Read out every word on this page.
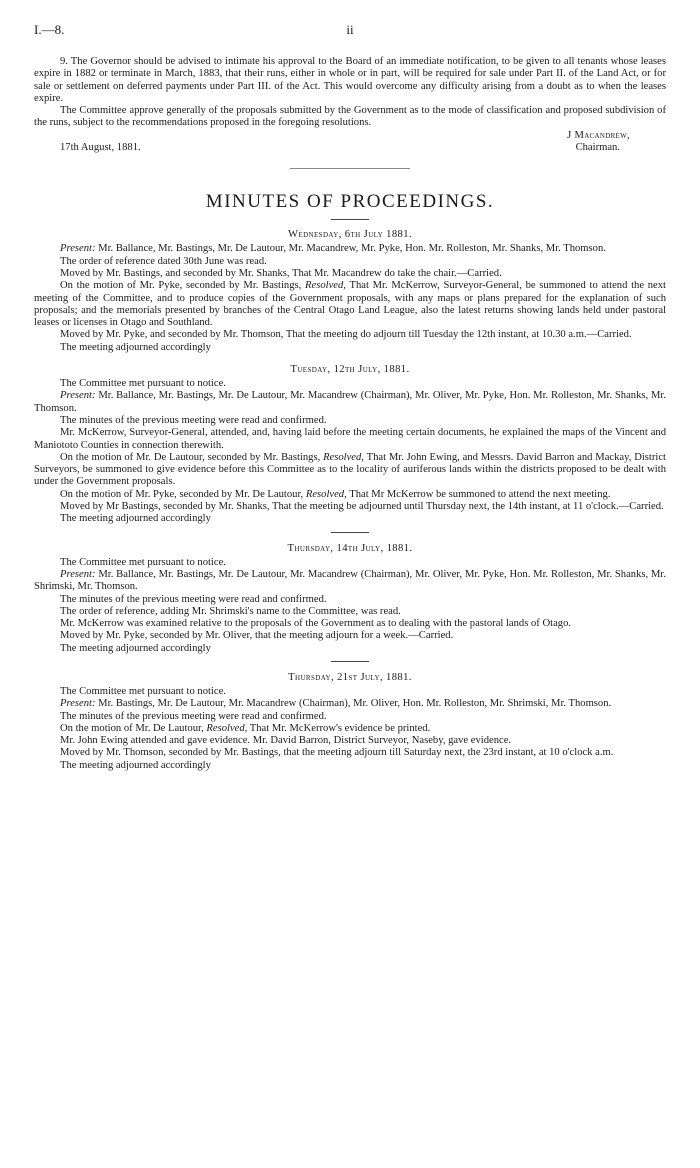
I.—8.	ii

9. The Governor should be advised to intimate his approval to the Board of an immediate notification, to be given to all tenants whose leases expire in 1882 or terminate in March, 1883, that their runs, either in whole or in part, will be required for sale under Part II. of the Land Act, or for sale or settlement on deferred payments under Part III. of the Act. This would overcome any difficulty arising from a doubt as to when the leases expire.

The Committee approve generally of the proposals submitted by the Government as to the mode of classification and proposed subdivision of the runs, subject to the recommendations proposed in the foregoing resolutions.

J Macandrew,
17th August, 1881.	Chairman.
MINUTES OF PROCEEDINGS.

Wednesday, 6th July 1881.

Present: Mr. Ballance, Mr. Bastings, Mr. De Lautour, Mr. Macandrew, Mr. Pyke, Hon. Mr. Rolleston, Mr. Shanks, Mr. Thomson.

The order of reference dated 30th June was read.

Moved by Mr. Bastings, and seconded by Mr. Shanks, That Mr. Macandrew do take the chair.—Carried.

On the motion of Mr. Pyke, seconded by Mr. Bastings, Resolved, That Mr. McKerrow, Surveyor-General, be summoned to attend the next meeting of the Committee, and to produce copies of the Government proposals, with any maps or plans prepared for the explanation of such proposals; and the memorials presented by branches of the Central Otago Land League, also the latest returns showing lands held under pastoral leases or licenses in Otago and Southland.

Moved by Mr. Pyke, and seconded by Mr. Thomson, That the meeting do adjourn till Tuesday the 12th instant, at 10.30 a.m.—Carried.

The meeting adjourned accordingly

Tuesday, 12th July, 1881.

The Committee met pursuant to notice.

Present: Mr. Ballance, Mr. Bastings, Mr. De Lautour, Mr. Macandrew (Chairman), Mr. Oliver, Mr. Pyke, Hon. Mr. Rolleston, Mr. Shanks, Mr. Thomson.

The minutes of the previous meeting were read and confirmed.

Mr. McKerrow, Surveyor-General, attended, and, having laid before the meeting certain documents, he explained the maps of the Vincent and Maniototo Counties in connection therewith.

On the motion of Mr. De Lautour, seconded by Mr. Bastings, Resolved, That Mr. John Ewing, and Messrs. David Barron and Mackay, District Surveyors, be summoned to give evidence before this Committee as to the locality of auriferous lands within the districts proposed to be dealt with under the Government proposals.

On the motion of Mr. Pyke, seconded by Mr. De Lautour, Resolved, That Mr McKerrow be summoned to attend the next meeting.

Moved by Mr Bastings, seconded by Mr. Shanks, That the meeting be adjourned until Thursday next, the 14th instant, at 11 o'clock.—Carried.

The meeting adjourned accordingly

Thursday, 14th July, 1881.

The Committee met pursuant to notice.

Present: Mr. Ballance, Mr. Bastings, Mr. De Lautour, Mr. Macandrew (Chairman), Mr. Oliver, Mr. Pyke, Hon. Mr. Rolleston, Mr. Shanks, Mr. Shrimski, Mr. Thomson.

The minutes of the previous meeting were read and confirmed.

The order of reference, adding Mr. Shrimski's name to the Committee, was read.

Mr. McKerrow was examined relative to the proposals of the Government as to dealing with the pastoral lands of Otago.

Moved by Mr. Pyke, seconded by Mr. Oliver, that the meeting adjourn for a week.—Carried.

The meeting adjourned accordingly

Thursday, 21st July, 1881.

The Committee met pursuant to notice.

Present: Mr. Bastings, Mr. De Lautour, Mr. Macandrew (Chairman), Mr. Oliver, Hon. Mr. Rolleston, Mr. Shrimski, Mr. Thomson.

The minutes of the previous meeting were read and confirmed.

On the motion of Mr. De Lautour, Resolved, That Mr. McKerrow's evidence be printed.

Mr. John Ewing attended and gave evidence. Mr. David Barron, District Surveyor, Naseby, gave evidence.

Moved by Mr. Thomson, seconded by Mr. Bastings, that the meeting adjourn till Saturday next, the 23rd instant, at 10 o'clock a.m.

The meeting adjourned accordingly
